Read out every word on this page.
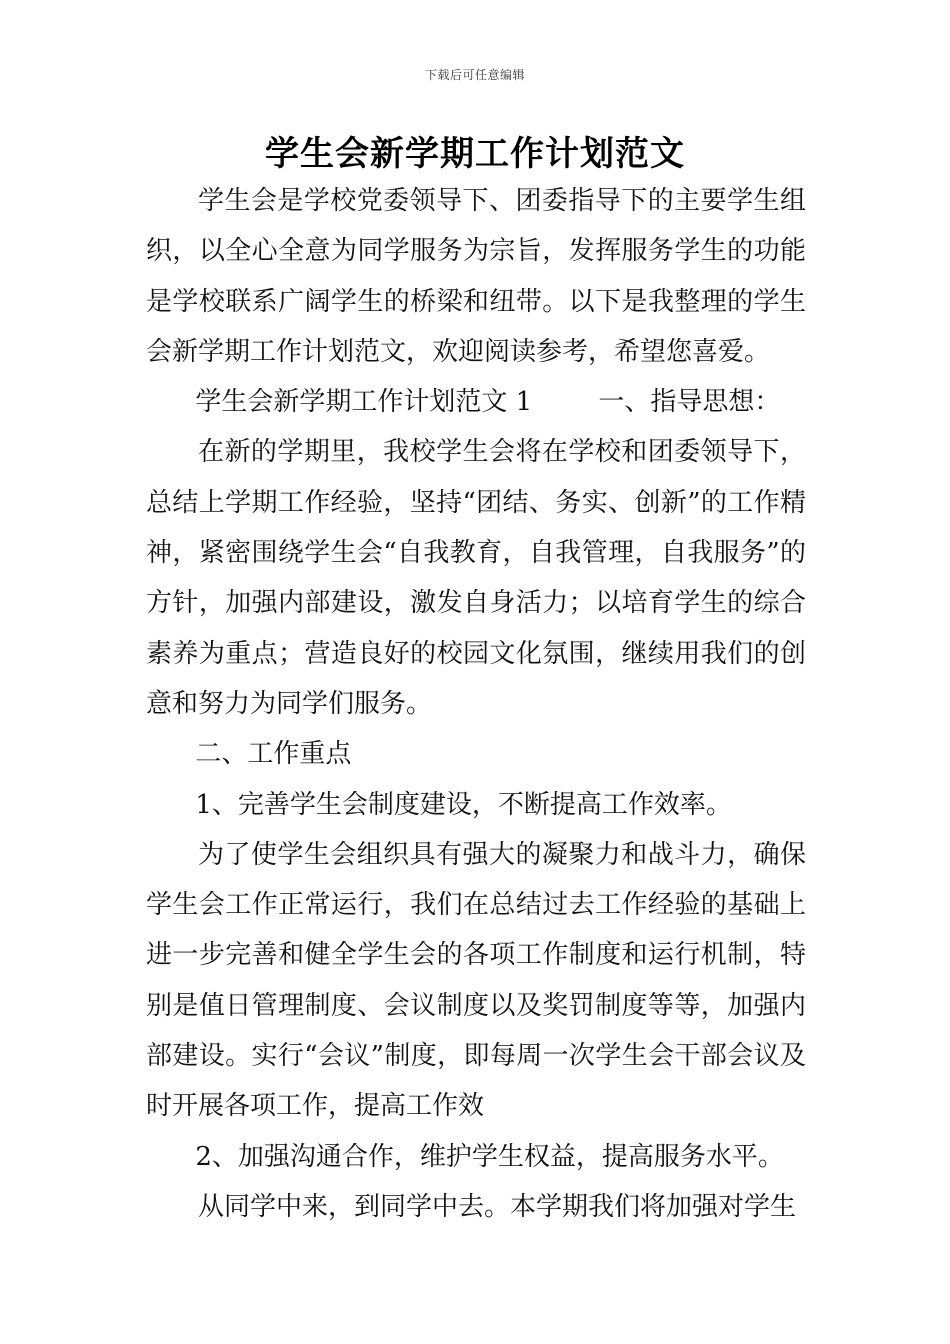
下载后可任意编辑
学生会新学期工作计划范文

学生会是学校党委领导下、团委指导下的主要学生组织，以全心全意为同学服务为宗旨，发挥服务学生的功能是学校联系广阔学生的桥梁和纽带。以下是我整理的学生会新学期工作计划范文，欢迎阅读参考，希望您喜爱。

学生会新学期工作计划范文 1        一、指导思想：

在新的学期里，我校学生会将在学校和团委领导下，总结上学期工作经验，坚持“团结、务实、创新”的工作精神，紧密围绕学生会“自我教育，自我管理，自我服务”的方针，加强内部建设，激发自身活力；以培育学生的综合素养为重点；营造良好的校园文化氛围，继续用我们的创意和努力为同学们服务。

二、工作重点

1、完善学生会制度建设，不断提高工作效率。

为了使学生会组织具有强大的凝聚力和战斗力，确保学生会工作正常运行，我们在总结过去工作经验的基础上进一步完善和健全学生会的各项工作制度和运行机制，特别是值日管理制度、会议制度以及奖罚制度等等，加强内部建设。实行“会议”制度，即每周一次学生会干部会议及时开展各项工作，提高工作效

2、加强沟通合作，维护学生权益，提高服务水平。

从同学中来，到同学中去。本学期我们将加强对学生
